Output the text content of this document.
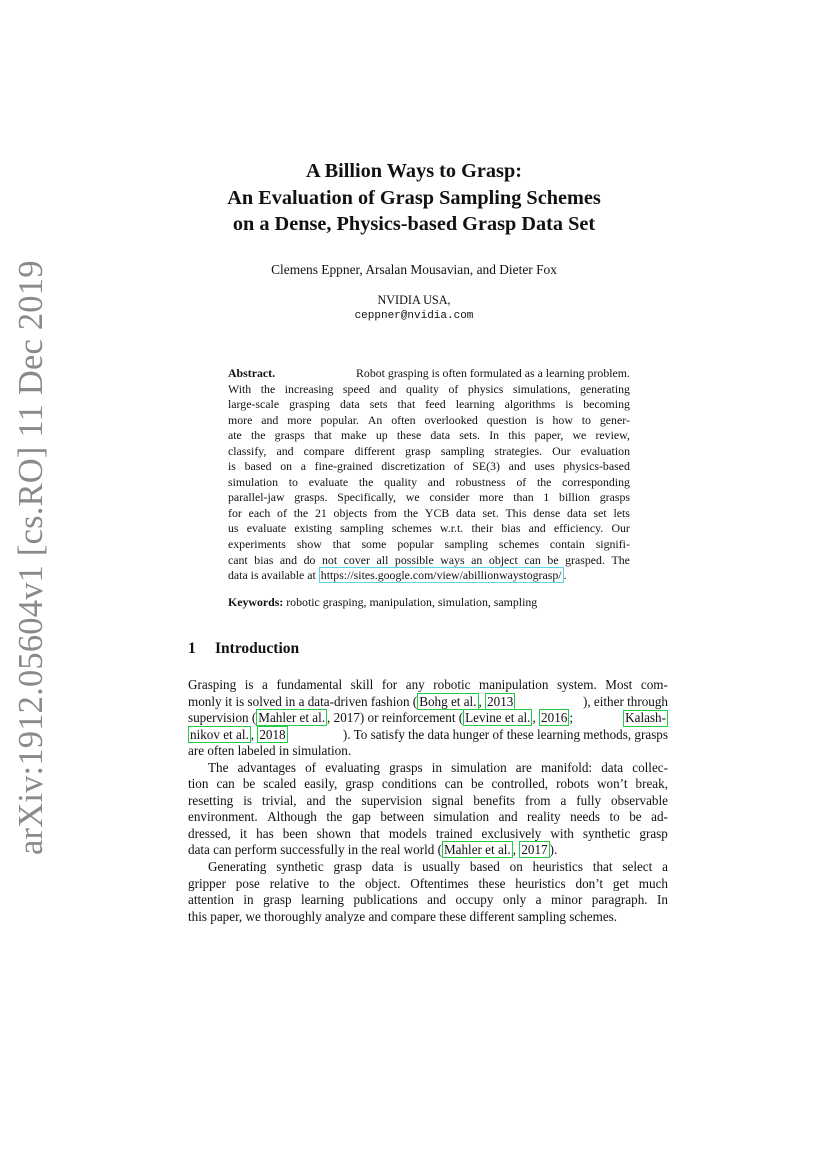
arXiv:1912.05604v1 [cs.RO] 11 Dec 2019
A Billion Ways to Grasp:
An Evaluation of Grasp Sampling Schemes
on a Dense, Physics-based Grasp Data Set
Clemens Eppner, Arsalan Mousavian, and Dieter Fox
NVIDIA USA,
ceppner@nvidia.com
Abstract.	Robot grasping is often formulated as a learning problem.
With the increasing speed and quality of physics simulations, generating
large-scale grasping data sets that feed learning algorithms is becoming
more and more popular. An often overlooked question is how to gener-
ate the grasps that make up these data sets. In this paper, we review,
classify, and compare different grasp sampling strategies. Our evaluation
is based on a fine-grained discretization of SE(3) and uses physics-based
simulation to evaluate the quality and robustness of the corresponding
parallel-jaw grasps. Specifically, we consider more than 1 billion grasps
for each of the 21 objects from the YCB data set. This dense data set lets
us evaluate existing sampling schemes w.r.t. their bias and efficiency. Our
experiments show that some popular sampling schemes contain signifi-
cant bias and do not cover all possible ways an object can be grasped. The
data is available at https://sites.google.com/view/abillionwaystograsp/ .
Keywords: robotic grasping, manipulation, simulation, sampling
1 Introduction
Grasping is a fundamental skill for any robotic manipulation system. Most com-
monly it is solved in a data-driven fashion ( Bohg et al. , 2013	), either through
supervision ( Mahler et al. , 2017) or reinforcement ( Levine et al. , 2016 ;	Kalash-
nikov et al. , 2018	). To satisfy the data hunger of these learning methods, grasps
are often labeled in simulation.
The advantages of evaluating grasps in simulation are manifold: data collec-
tion can be scaled easily, grasp conditions can be controlled, robots won’t break,
resetting is trivial, and the supervision signal benefits from a fully observable
environment. Although the gap between simulation and reality needs to be ad-
dressed, it has been shown that models trained exclusively with synthetic grasp
data can perform successfully in the real world ( Mahler et al. , 2017 ).
Generating synthetic grasp data is usually based on heuristics that select a
gripper pose relative to the object. Oftentimes these heuristics don’t get much
attention in grasp learning publications and occupy only a minor paragraph. In
this paper, we thoroughly analyze and compare these different sampling schemes.
